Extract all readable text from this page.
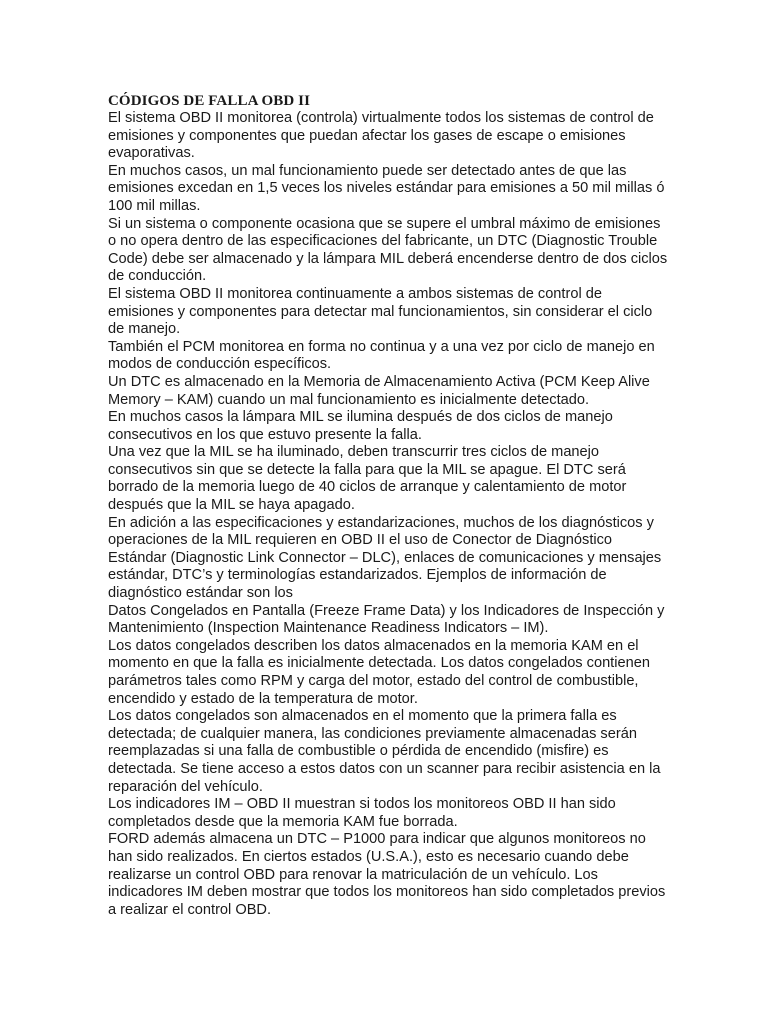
CÓDIGOS DE FALLA OBD II

El sistema OBD II monitorea (controla) virtualmente todos los sistemas de control de emisiones y componentes que puedan afectar los gases de escape o emisiones evaporativas.

En muchos casos, un mal funcionamiento puede ser detectado antes de que las emisiones excedan en 1,5 veces los niveles estándar para emisiones a 50 mil millas ó 100 mil millas.

Si un sistema o componente ocasiona que se supere el umbral máximo de emisiones o no opera dentro de las especificaciones del fabricante, un DTC (Diagnostic Trouble Code) debe ser almacenado y la lámpara MIL deberá encenderse dentro de dos ciclos de conducción.

El sistema OBD II monitorea continuamente a ambos sistemas de control de emisiones y componentes para detectar mal funcionamientos, sin considerar el ciclo de manejo.

También el PCM monitorea en forma no continua y a una vez por ciclo de manejo en modos de conducción específicos.

Un DTC es almacenado en la Memoria de Almacenamiento Activa (PCM Keep Alive Memory – KAM) cuando un mal funcionamiento es inicialmente detectado.

En muchos casos la lámpara MIL se ilumina después de dos ciclos de manejo consecutivos en los que estuvo presente la falla.

Una vez que la MIL se ha iluminado, deben transcurrir tres ciclos de manejo consecutivos sin que se detecte la falla para que la MIL se apague. El DTC será borrado de la memoria luego de 40 ciclos de arranque y calentamiento de motor después que la MIL se haya apagado.

En adición a las especificaciones y estandarizaciones, muchos de los diagnósticos y operaciones de la MIL requieren en OBD II el uso de Conector de Diagnóstico Estándar (Diagnostic Link Connector – DLC), enlaces de comunicaciones y mensajes estándar, DTC’s y terminologías estandarizados. Ejemplos de información de diagnóstico estándar son los

Datos Congelados en Pantalla (Freeze Frame Data) y los Indicadores de Inspección y Mantenimiento (Inspection Maintenance Readiness Indicators – IM).

Los datos congelados describen los datos almacenados en la memoria KAM en el momento en que la falla es inicialmente detectada. Los datos congelados contienen parámetros tales como RPM y carga del motor, estado del control de combustible, encendido y estado de la temperatura de motor.

Los datos congelados son almacenados en el momento que la primera falla es detectada; de cualquier manera, las condiciones previamente almacenadas serán reemplazadas si una falla de combustible o pérdida de encendido (misfire) es detectada. Se tiene acceso a estos datos con un scanner para recibir asistencia en la reparación del vehículo.

Los indicadores IM – OBD II muestran si todos los monitoreos OBD II han sido completados desde que la memoria KAM fue borrada.

FORD además almacena un DTC – P1000 para indicar que algunos monitoreos no han sido realizados. En ciertos estados (U.S.A.), esto es necesario cuando debe realizarse un control OBD para renovar la matriculación de un vehículo. Los indicadores IM deben mostrar que todos los monitoreos han sido completados previos a realizar el control OBD.
